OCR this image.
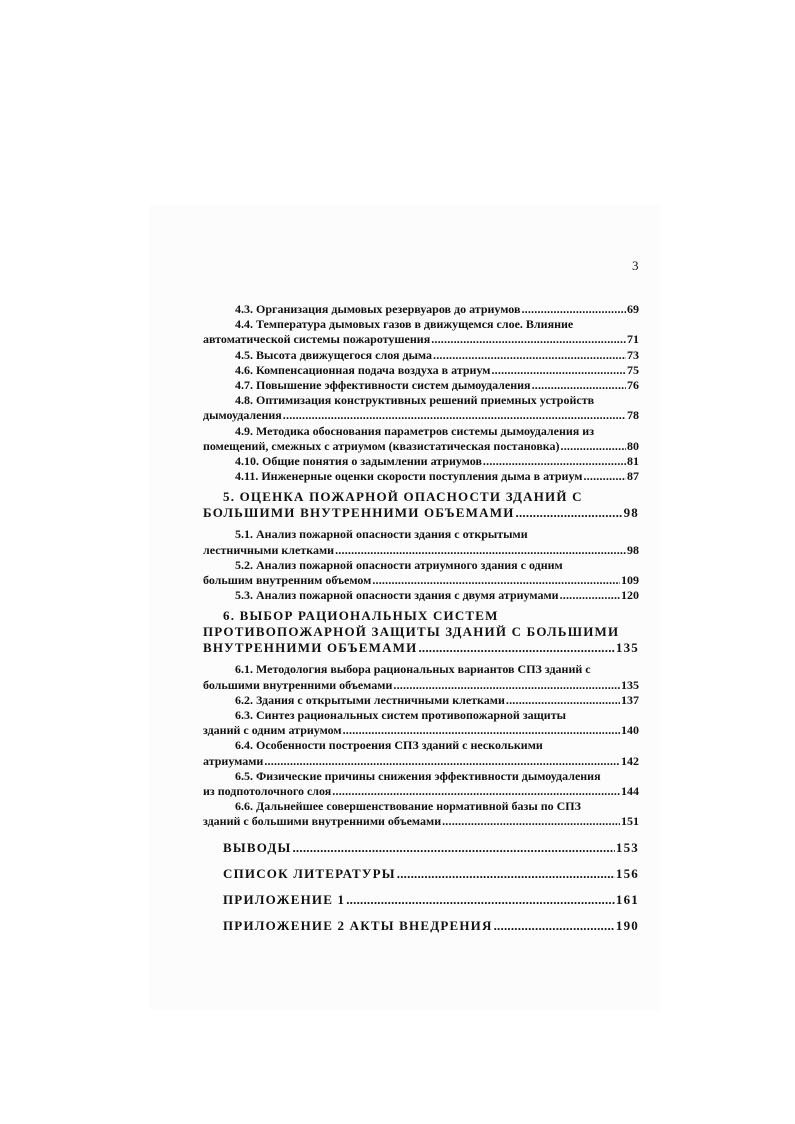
3
4.3. Организация дымовых резервуаров до атриумов .....	69
4.4. Температура дымовых газов в движущемся слое. Влияние
автоматической системы пожаротушения .....	71
4.5. Высота движущегося слоя дыма .....	73
4.6. Компенсационная подача воздуха в атриум .....	75
4.7. Повышение эффективности систем дымоудаления .....	76
4.8. Оптимизация конструктивных решений приемных устройств
дымоудаления .....	78
4.9. Методика обоснования параметров системы дымоудаления из
помещений, смежных с атриумом (квазистатическая постановка) .....	80
4.10. Общие понятия о задымлении атриумов .....	81
4.11. Инженерные оценки скорости поступления дыма в атриум .....	87
5. ОЦЕНКА ПОЖАРНОЙ ОПАСНОСТИ ЗДАНИЙ С
БОЛЬШИМИ ВНУТРЕННИМИ ОБЪЕМАМИ .....	98
5.1. Анализ пожарной опасности здания с открытыми
лестничными клетками .....	98
5.2. Анализ пожарной опасности атриумного здания с одним
большим внутренним объемом .....	109
5.3. Анализ пожарной опасности здания с двумя атриумами .....	120
6. ВЫБОР РАЦИОНАЛЬНЫХ СИСТЕМ
ПРОТИВОПОЖАРНОЙ ЗАЩИТЫ ЗДАНИЙ С БОЛЬШИМИ
ВНУТРЕННИМИ ОБЪЕМАМИ .....	135
6.1. Методология выбора рациональных вариантов СПЗ зданий с
большими внутренними объемами .....	135
6.2. Здания с открытыми лестничными клетками .....	137
6.3. Синтез рациональных систем противопожарной защиты
зданий с одним атриумом .....	140
6.4. Особенности построения СПЗ зданий с несколькими
атриумами .....	142
6.5. Физические причины снижения эффективности дымоудаления
из подпотолочного слоя .....	144
6.6. Дальнейшее совершенствование нормативной базы по СПЗ
зданий с большими внутренними объемами .....	151
ВЫВОДЫ .....	153
СПИСОК ЛИТЕРАТУРЫ .....	156
ПРИЛОЖЕНИЕ 1 .....	161
ПРИЛОЖЕНИЕ 2 АКТЫ ВНЕДРЕНИЯ .....	190
